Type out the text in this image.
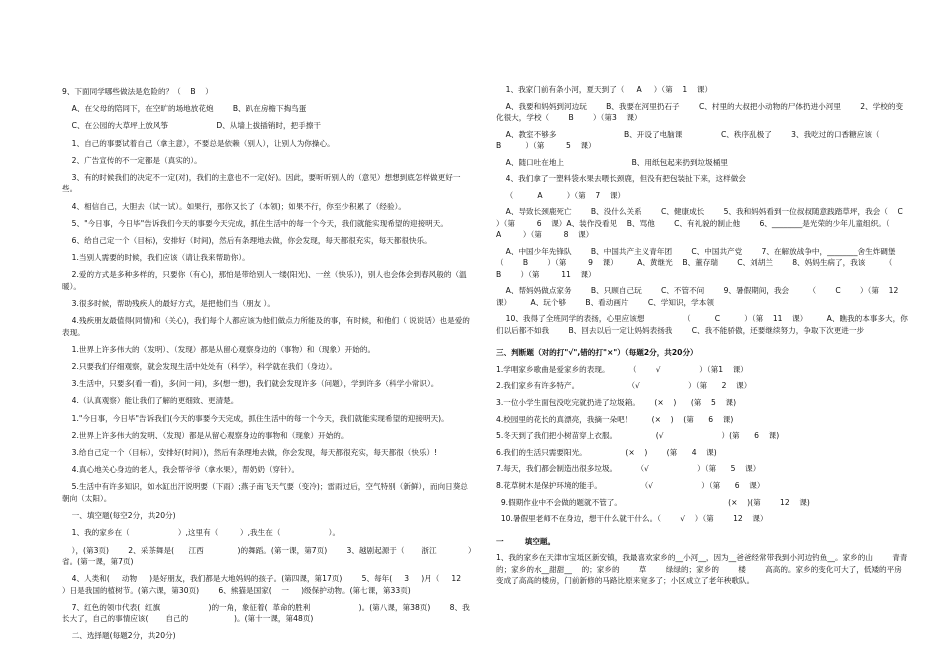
9、下面同学哪些做法是危险的？（    B    ）
A、在父母的陪同下，在空旷的场地放花炮        B、趴在房檐下掏鸟蛋
C、在公园的大草坪上放风筝                    D、从墙上拔插销时，把手擦干
1、自己的事要试着自己（拿主意），不要总是依赖（别人），让别人为你操心。
2、广告宣传的不一定都是（真实的）。
3、有的时候我们的决定不一定(对)，我们的主意也不一定(好)。因此，要听听别人的（意见）想想到底怎样做更好一些。
4、相信自己，大胆去（试一试）。如果行，那你又长了（本领)；如果不行，你至少积累了（经验）。
5、"今日事，今日毕"告诉我们今天的事要今天完成，抓住生活中的每一个今天，我们就能实现希望的迎接明天。
6、给自己定一个（目标)，安排好（时间)，然后有条理地去做，你会发现，每天都很充实，每天都很快乐。
1.当别人需要的时候，我们应该（请让我来帮助你）。
2.爱的方式是多种多样的，只要你（有心)，那怕是带给别人一缕(阳光)、一丝（快乐）)，别人也会体会到春风般的（温暖）。
3.很多时候，帮助残疾人的最好方式，是把他们当（朋友 ）。
4.残疾朋友最值得(同情)和（关心)，我们每个人都应该为他们做点力所能及的事，有时候，和他们（ 说说话）也是爱的表现。
1.世界上许多伟大的（发明）、（发现）都是从留心观察身边的（事物）和（现象）开始的。
2.只要我们仔细观察，就会发现生活中处处有（科学），科学就在我们（身边）。
3.生活中，只要多(看一看)，多(问一问)，多(想一想)，我们就会发现许多（问题），学到许多（科学小常识）。
4.（认真观察）能让我们了解的更细致、更清楚。
1."今日事，今日毕"告诉我们(今天的事要今天完成，抓住生活中的每一个今天，我们就能实现希望的迎接明天)。
2.世界上许多伟大的发明、（发现）都是从留心观察身边的事物和（现象）开始的。
3.给自己定一个（目标），安排好(时间）)，然后有条理地去做，你会发现，每天都很充实，每天都很（快乐）!
4.真心地关心身边的老人，我会帮爷爷（拿水果），帮奶奶（穿针）。
5.生活中有许多知识，如水缸出汗说明要（下雨）;燕子南飞天气要（变冷)；雷雨过后，空气特别（新鲜），而向日葵总朝向（太阳）。
一、填空题(每空2分，共20分)
1、我的家乡在（                    ）,这里有（         ）,我生在（                    ）。
），(第3页)        2、采茶舞是(      江西              )的舞蹈。(第一课，第7页)        3、越剧起源于（       浙江             ）省。(第一课，第7页)
4、人类和(     动物     )是好朋友，我们都是大地妈妈的孩子。(第四课，第17页)        5、每年(     3     )月（     12     ）日是我国的植树节。(第六课，第30页)        6、熊猫是国家(    一     )级保护动物。(第七课，第33页)
7、红色的领巾代表(  红旗                    )的一角，象征着(  革命的胜利                    )。(第八课，第38页)        8、我长大了，自己的事情应该(       自己的                   )。(第十一课，第48页)
二、选择题(每题2分，共20分)
1、我家门前有条小河，夏天到了（     A     ）（第    1    课）
A、我要和妈妈到河边玩        B、我要在河里扔石子        C、村里的大叔把小动物的尸体扔进小河里        2、学校的变化很大，学校（        B        ）（第3    课）
A、教室不够多                            B、开设了电脑课                C、秩序乱极了        3、我吃过的口香糖应该（          B          ）（第         5    课）
A、随口吐在地上                            B、用纸包起来扔到垃圾桶里
4、我们拿了一塑料袋水果去喂长颈鹿，但没有把包装扯下来，这样做会
（          A          ）（第    7    课）
A、导致长颈鹿死亡        B、没什么关系        C、健康成长        5、我和妈妈看到一位叔叔随意践踏草坪，我会（    C    ）（第         6    课）A、装作没看见    B、骂他        C、有礼貌的制止他        6、________是光荣的少年儿童组织。（         A         ）（第         8    课）
A、中国少年先锋队        B、中国共产主义青年团        C、中国共产党        7、在解放战争中，________舍生炸碉堡        （        B        ）（第         9    课）        A、黄继光    B、董存瑞        C、刘胡兰        8、妈妈生病了，我该        （        B        ）（第         11    课）
A、帮妈妈做点家务        B、只顾自己玩        C、不管不问        9、暑假期间，我会        （        C        ）（第    12    课）        A、玩个够        B、看动画片        C、学知识，学本领
10、我得了全班同学的表扬，心里应该想                （          C          ）（第    11    课）        A、瞧我的本事多大，你们以后都不如我        B、回去以后一定让妈妈表扬我        C、我不能骄傲，还要继续努力，争取下次更进一步
三、判断题（对的打"√",错的打"×"）（每题2分，共20分）
1.学唱家乡歌曲是爱家乡的表现。        （        √                ）（第1    课）
2.我们家乡有许多特产。                    （√                    ）（第      2    课）
3.一位小学生面包没吃完就扔进了垃圾箱。      (×    )      (第    5    课)
4.校园里的花长的真漂亮，我摘一朵吧！        (×    )    (第      6    课)
5.冬天到了我们把小树苗穿上衣服。                (√                        ）(第      6    课)
6.我们的生活只需要阳光。                (×    )        (第      4    课)
7.每天，我们都会制造出很多垃圾。        （√                    ）（第      5    课）
8.花草树木是保护环境的能手。                （√                    ）（第      6    课）
9.假期作业中不会做的题就不管了。                                            (×    )(第        12    课)
10.暑假里老师不在身边，想干什么就干什么。（        √    ）（第        12    课）
一        填空题。
1、我的家乡在天津市宝坻区新安镇，我最喜欢家乡的__小河__，因为__爸爸经常带我到小河边钓鱼__。家乡的山        青青        的；家乡的水__甜甜__    的；家乡的        草        绿绿的；家乡的        楼        高高的。家乡的变化可大了，低矮的平房变成了高高的楼房，门前新修的马路比原来宽多了；小区成立了老年秧歌队。
